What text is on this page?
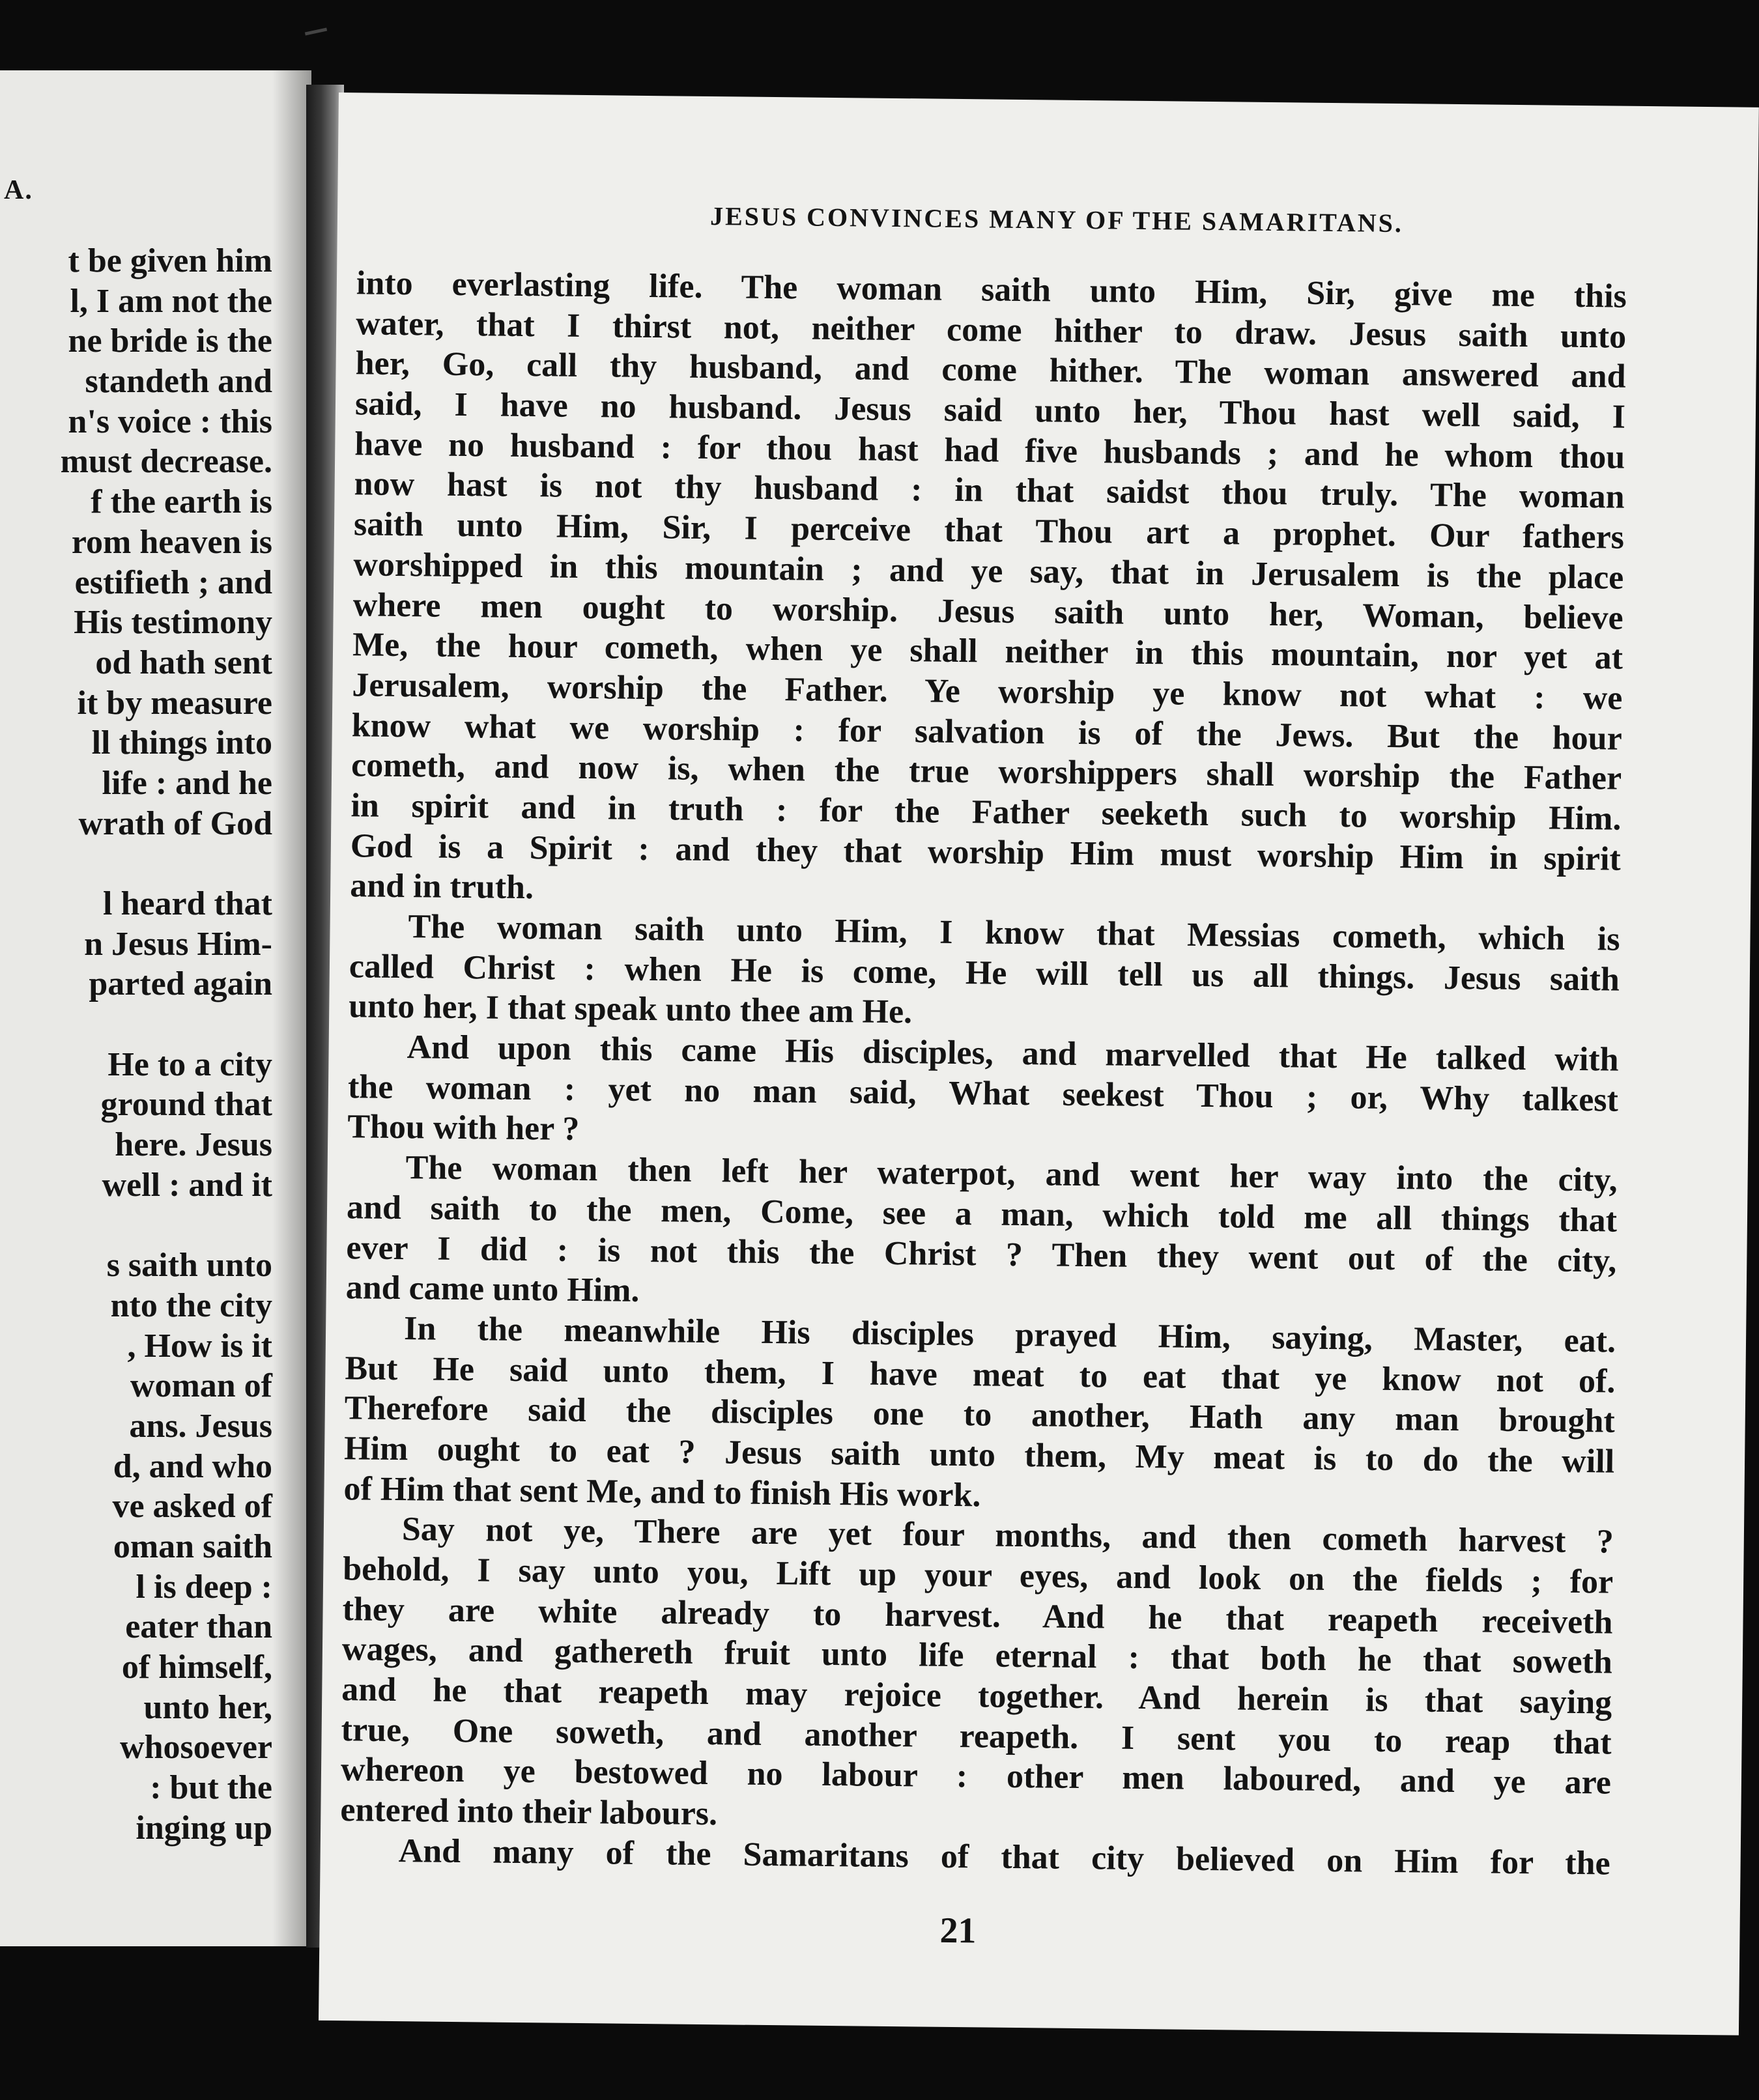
A.
t be given him
l, I am not the
ne bride is the
standeth and
n's voice : this
must decrease.
f the earth is
rom heaven is
estifieth ; and
His testimony
od hath sent
it by measure
ll things into
life : and he
wrath of God
l heard that
n Jesus Him-
parted again
He to a city
ground that
here. Jesus
well : and it
s saith unto
nto the city
, How is it
woman of
ans. Jesus
d, and who
ve asked of
oman saith
l is deep :
eater than
of himself,
unto her,
whosoever
: but the
inging up
JESUS CONVINCES MANY OF THE SAMARITANS.
into everlasting life. The woman saith unto Him, Sir, give me this
water, that I thirst not, neither come hither to draw. Jesus saith unto
her, Go, call thy husband, and come hither. The woman answered and
said, I have no husband. Jesus said unto her, Thou hast well said, I
have no husband : for thou hast had five husbands ; and he whom thou
now hast is not thy husband : in that saidst thou truly. The woman
saith unto Him, Sir, I perceive that Thou art a prophet. Our fathers
worshipped in this mountain ; and ye say, that in Jerusalem is the place
where men ought to worship. Jesus saith unto her, Woman, believe
Me, the hour cometh, when ye shall neither in this mountain, nor yet at
Jerusalem, worship the Father. Ye worship ye know not what : we
know what we worship : for salvation is of the Jews. But the hour
cometh, and now is, when the true worshippers shall worship the Father
in spirit and in truth : for the Father seeketh such to worship Him.
God is a Spirit : and they that worship Him must worship Him in spirit
and in truth.
The woman saith unto Him, I know that Messias cometh, which is
called Christ : when He is come, He will tell us all things. Jesus saith
unto her, I that speak unto thee am He.
And upon this came His disciples, and marvelled that He talked with
the woman : yet no man said, What seekest Thou ; or, Why talkest
Thou with her ?
The woman then left her waterpot, and went her way into the city,
and saith to the men, Come, see a man, which told me all things that
ever I did : is not this the Christ ? Then they went out of the city,
and came unto Him.
In the meanwhile His disciples prayed Him, saying, Master, eat.
But He said unto them, I have meat to eat that ye know not of.
Therefore said the disciples one to another, Hath any man brought
Him ought to eat ? Jesus saith unto them, My meat is to do the will
of Him that sent Me, and to finish His work.
Say not ye, There are yet four months, and then cometh harvest ?
behold, I say unto you, Lift up your eyes, and look on the fields ; for
they are white already to harvest. And he that reapeth receiveth
wages, and gathereth fruit unto life eternal : that both he that soweth
and he that reapeth may rejoice together. And herein is that saying
true, One soweth, and another reapeth. I sent you to reap that
whereon ye bestowed no labour : other men laboured, and ye are
entered into their labours.
And many of the Samaritans of that city believed on Him for the
21
